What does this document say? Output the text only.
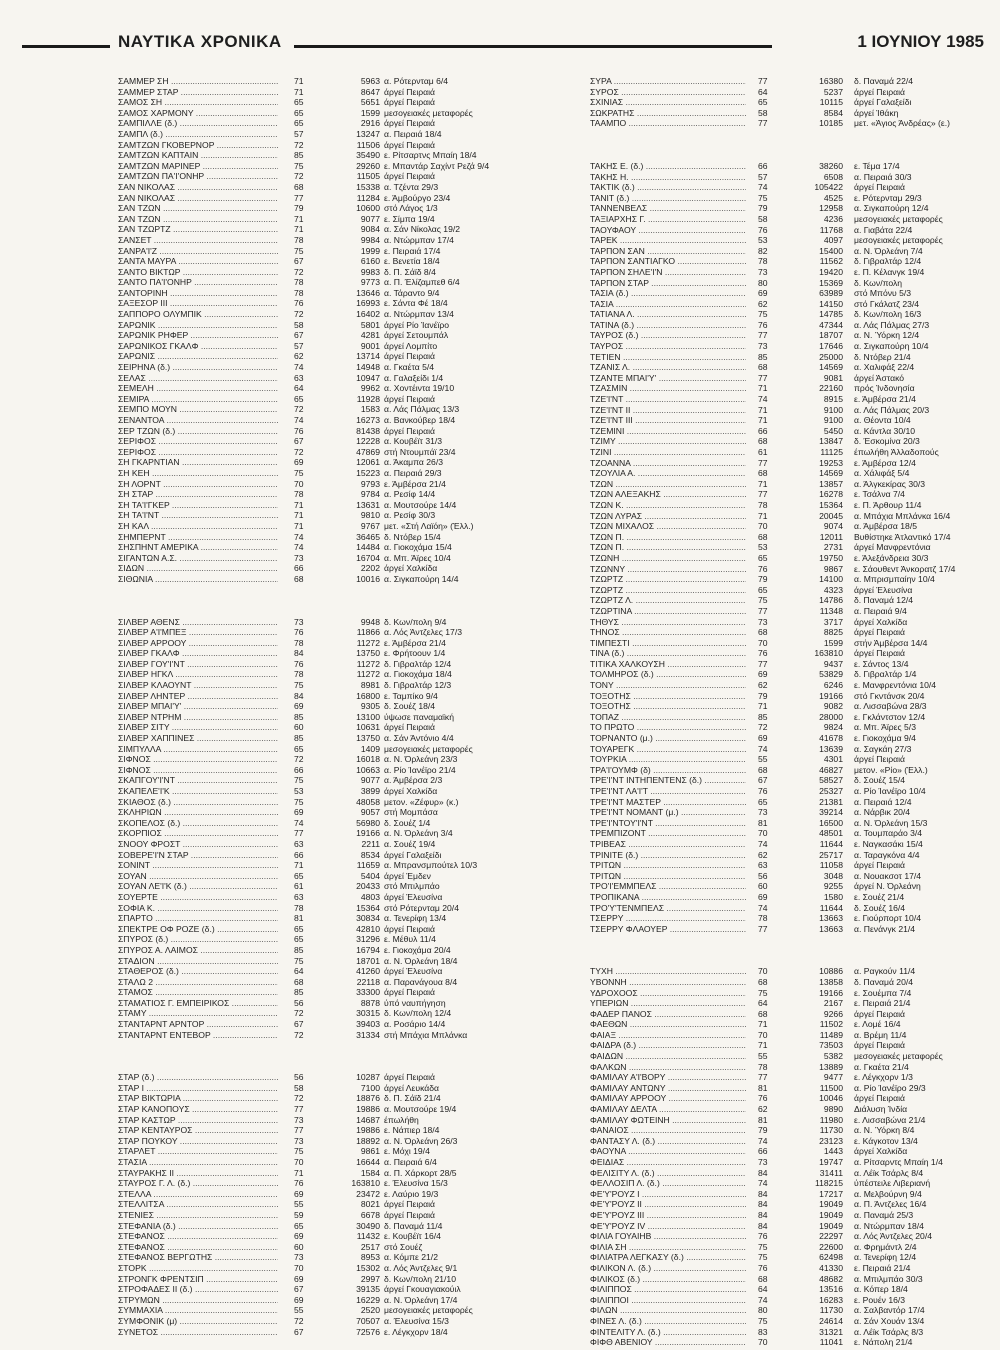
ΝΑΥΤΙΚΑ ΧΡΟΝΙΚΑ	1 ΙΟΥΝΙΟΥ 1985
ΣΑΜΜΕΡ ΣΗ .....	71	5963 α. Ρότερνταμ 6/4
ΣΑΜΜΕΡ ΣΤΑΡ .....	71	8647 άργεί Πειραιά
ΣΑΜΟΣ ΣΗ .....	65	5651 άργεί Πειραιά
ΣΑΜΟΣ ΧΑΡΜΟΝΥ .....	65	1599 μεσογειακές μεταφορές
ΣΑΜΠΙΛΛΕ (δ.) .....	65	2916 άργεί Πειραιά
ΣΑΜΠΛ (δ.) .....	57	13247 α. Πειραιά 18/4
ΣΑΜΤΖΩΝ ΓΚΟΒΕΡΝΟΡ .....	72	11506 άργεί Πειραιά
ΣΑΜΤΖΩΝ ΚΑΠΤΑΙΝ .....	85	35490 ε. Ρίτσαρτνς Μπαίη 18/4
ΣΑΜΤΖΩΝ ΜΑΡΙΝΕΡ .....	75	29260 ε. Μπαντάρ Σαχίντ Ρεζά 9/4
ΣΑΜΤΖΩΝ ΠΑ'Ι'ΟΝΗΡ .....	72	11505 άργεί Πειραιά
ΣΑΝ ΝΙΚΟΛΑΣ .....	68	15338 α. Τζέντα 29/3
ΣΑΝ ΝΙΚΟΛΑΣ .....	77	11284 ε. Άμβούργο 23/4
ΣΑΝ ΤΖΩΝ .....	79	10600 στό Λάγος 1/3
ΣΑΝ ΤΖΩΝ .....	71	9077 ε. Σίμπα 19/4
ΣΑΝ ΤΖΩΡΤΖ .....	71	9084 α. Σάν Νίκολας 19/2
ΣΑΝΣΕΤ .....	78	9984 α. Ντώρμπαν 17/4
ΣΑΝΡΑ'Ι'Ζ .....	75	1999 ε. Πειραιά 17/4
ΣΑΝΤΑ ΜΑΥΡΑ .....	67	6160 ε. Βενετία 18/4
ΣΑΝΤΟ ΒΙΚΤΩΡ .....	72	9983 δ. Π. Σάϊδ 8/4
ΣΑΝΤΟ ΠΑ'Ι'ΟΝΗΡ .....	78	9773 α. Π. Έλίζαμπεθ 6/4
ΣΑΝΤΟΡΙΝΗ .....	78	13646 α. Τάραντο 9/4
ΣΑΞΕΣΟΡ ΙΙΙ .....	76	16993 ε. Σάντα Φέ 18/4
ΣΑΠΠΟΡΟ ΟΛΥΜΠΙΚ .....	72	16402 α. Ντώρμπαν 13/4
ΣΑΡΩΝΙΚ .....	58	5801 άργεί Ρίο Ίανέϊρο
ΣΑΡΩΝΙΚ ΡΗΦΕΡ .....	67	4281 άργεί Σετουμπάλ
ΣΑΡΩΝΙΚΟΣ ΓΚΑΛΦ .....	57	9001 άργεί Λομπίτο
ΣΑΡΩΝΙΣ .....	62	13714 άργεί Πειραιά
ΣΕΙΡΗΝΑ (δ.) .....	74	14948 α. Γκαέτα 5/4
ΣΕΛΑΣ .....	63	10947 α. Γαλαξείδι 1/4
ΣΕΜΕΛΗ .....	64	9962 α. Χοντέιντα 19/10
ΣΕΜΙΡΑ .....	65	11928 άργεί Πειραιά
ΣΕΜΠΟ ΜΟΥΝ .....	72	1583 α. Λάς Πάλμας 13/3
ΣΕΝΑΝΤΟΑ .....	74	16273 α. Βανκούβερ 18/4
ΣΕΡ ΤΖΩΝ (δ.) .....	76	81438 άργεί Πειραιά
ΣΕΡΙΦΟΣ .....	67	12228 α. Κουβέϊτ 31/3
ΣΕΡΙΦΟΣ .....	72	47869 στή Ντουμπάϊ 23/4
ΣΗ ΓΚΑΡΝΤΙΑΝ .....	69	12061 α. Άκαμπα 26/3
ΣΗ ΚΕΗ .....	75	15223 α. Πειραιά 29/3
ΣΗ ΛΟΡΝΤ .....	70	9793 ε. Άμβέρσα 21/4
ΣΗ ΣΤΑΡ .....	78	9784 α. Ρεσίφ 14/4
ΣΗ ΤΑ'Ι'ΓΚΕΡ .....	71	13631 α. Μουτσούρε 14/4
ΣΗ ΤΑ'Ι'ΝΤ .....	71	9810 α. Ρεσίφ 30/3
ΣΗ ΚΑΛ .....	71	9767 μετ. «Στή Λαϊόη» (Έλλ.)
ΣΗΜΠΕΡΝΤ .....	74	36465 δ. Ντόβερ 15/4
ΣΗΣΠΗΝΤ ΑΜΕΡΙΚΑ .....	74	14484 α. Γιοκοχάμα 15/4
ΣΙΓΑΝΤΩΝ Α.Σ. .....	73	16704 α. Μπ. Άϊρες 10/4
ΣΙΔΩΝ .....	66	2202 άργεί Χαλκίδα
ΣΙΘΩΝΙΑ .....	68	10016 α. Σιγκαπούρη 14/4
ΣΙΛΒΕΡ ΑΘΕΝΣ .....	73	9948 δ. Κων/πολη 9/4
ΣΙΛΒΕΡ Α'Ι'ΜΠΕΞ .....	76	11866 α. Λός Άντζελες 17/3
ΣΙΛΒΕΡ ΑΡΡΟΟΥ .....	78	11272 ε. Άμβέρσα 21/4
ΣΙΛΒΕΡ ΓΚΑΛΦ .....	84	13750 ε. Φρήτοουν 1/4
ΣΙΛΒΕΡ ΓΟΥ'Ι'ΝΤ .....	76	11272 δ. Γιβραλτάρ 12/4
ΣΙΛΒΕΡ ΗΓΚΛ .....	78	11272 α. Γιοκοχάμα 18/4
ΣΙΛΒΕΡ ΚΛΑΟΥΝΤ .....	75	8981 δ. Γιβραλτάρ 12/3
ΣΙΛΒΕΡ ΛΗΝΤΕΡ .....	84	16800 ε. Ταμπίκο 9/4
ΣΙΛΒΕΡ ΜΠΑΙ'Υ' .....	69	9305 δ. Σουέζ 18/4
ΣΙΛΒΕΡ ΝΤΡΗΜ .....	85	13100 ύψωσε παναμαϊκή
ΣΙΛΒΕΡ ΣΙΤΥ .....	60	10631 άργεί Πειραιά
ΣΙΛΒΕΡ ΧΑΠΠΙΝΕΣ .....	85	13750 α. Σάν Άντόνιο 4/4
ΣΙΜΠΥΛΛΑ .....	65	1409 μεσογειακές μεταφορές
ΣΙΦΝΟΣ .....	72	16018 α. Ν. Όρλεάνη 23/3
ΣΙΦΝΟΣ .....	66	10663 α. Ρίο Ίανέϊρο 21/4
ΣΚΑΠΓΟΥ'Ι'ΝΤ .....	75	9077 α. Άμβέρσα 2/3
ΣΚΑΠΕΛΕ'Ι'Κ .....	53	3899 άργεί Χαλκίδα
ΣΚΙΑΘΟΣ (δ.) .....	75	48058 μετον. «Ζέφυρ» (κ.)
ΣΚΛΗΡΙΩΝ .....	69	9057 στή Μομπάσα
ΣΚΟΠΕΛΟΣ (δ.) .....	74	56980 δ. Σουέζ 1/4
ΣΚΟΡΠΙΟΣ .....	77	19166 α. Ν. Όρλεάνη 3/4
ΣΝΟΟΥ ΦΡΟΣΤ .....	63	2211 α. Σουέζ 19/4
ΣΟΒΕΡΕ'Ι'Ν ΣΤΑΡ .....	66	8534 άργεί Γαλαξείδι
ΣΟΝΙΝΤ .....	71	11659 α. Μπρανσμπούτελ 10/3
ΣΟΥΑΝ .....	65	5404 άργεί Έμδεν
ΣΟΥΑΝ ΛΕ'Ι'Κ (δ.) .....	61	20433 στό Μπιλμπάο
ΣΟΥΕΡΤΕ .....	63	4803 άργεί Έλευσίνα
ΣΟΦΙΑ Κ. .....	78	15364 στό Ρότερνταμ 20/4
ΣΠΑΡΤΟ .....	81	30834 α. Τενερίφη 13/4
ΣΠΕΚΤΡΕ ΟΦ ΡΟΖΕ (δ.) .....	65	42810 άργεί Πειραιά
ΣΠΥΡΟΣ (δ.) .....	65	31296 ε. Μέθυλ 11/4
ΣΠΥΡΟΣ Α. ΛΑΙΜΟΣ .....	85	16794 ε. Γιοκοχάμα 20/4
ΣΤΑΔΙΟΝ .....	75	18701 α. Ν. Όρλεάνη 18/4
ΣΤΑΘΕΡΟΣ (δ.) .....	64	41260 άργεί Έλευσίνα
ΣΤΑΛΩ 2 .....	68	22118 α. Παρανάγουα 8/4
ΣΤΑΜΟΣ .....	85	33300 άργεί Πειραιά
ΣΤΑΜΑΤΙΟΣ Γ. ΕΜΠΕΙΡΙΚΟΣ .....	56	8878 ύπό ναυπήγηση
ΣΤΑΜΥ .....	72	30315 δ. Κων/πολη 12/4
ΣΤΑΝΤΑΡΝΤ ΑΡΝΤΟΡ .....	67	39403 α. Ροσάριο 14/4
ΣΤΑΝΤΑΡΝΤ ΕΝΤΕΒΟΡ .....	72	31334 στή Μπάχια Μπλάνκα
ΣΤΑΡ (δ.) .....	56	10287 άργεί Πειραιά
ΣΤΑΡ Ι .....	58	7100 άργεί Λευκάδα
ΣΤΑΡ ΒΙΚΤΩΡΙΑ .....	72	18876 δ. Π. Σάϊδ 21/4
ΣΤΑΡ ΚΑΝΟΠΟΥΣ .....	77	19886 α. Μουτσούρε 19/4
ΣΤΑΡ ΚΑΣΤΩΡ .....	73	14687 έπωλήθη
ΣΤΑΡ ΚΕΝΤΑΥΡΟΣ .....	77	19886 ε. Νάπιερ 18/4
ΣΤΑΡ ΠΟΥΚΟΥ .....	73	18892 α. Ν. Όρλεάνη 26/3
ΣΤΑΡΛΕΤ .....	75	9861 ε. Μόχι 19/4
ΣΤΑΣΙΑ .....	70	16644 α. Πειραιά 6/4
ΣΤΑΥΡΑΚΗΣ ΙΙ .....	71	1584 α. Π. Χάρκορτ 28/5
ΣΤΑΥΡΟΣ Γ. Λ. (δ.) .....	76	163810 ε. Έλευσίνα 15/3
ΣΤΕΛΛΑ .....	69	23472 ε. Λαύριο 19/3
ΣΤΕΛΛΙΤΣΑ .....	55	8021 άργεί Πειραιά
ΣΤΕΝΙΕΣ .....	59	6678 άργεί Πειραιά
ΣΤΕΦΑΝΙΑ (δ.) .....	65	30490 δ. Παναμά 11/4
ΣΤΕΦΑΝΟΣ .....	69	11432 ε. Κουβέϊτ 16/4
ΣΤΕΦΑΝΟΣ .....	60	2517 στό Σουέζ
ΣΤΕΦΑΝΟΣ ΒΕΡΓΩΤΗΣ .....	73	8953 α. Κόμπε 21/2
ΣΤΟΡΚ .....	70	15302 α. Λός Άντζελες 9/1
ΣΤΡΟΝΓΚ ΦΡΕΝΤΣΙΠ .....	69	2997 δ. Κων/πολη 21/10
ΣΤΡΟΦΑΔΕΣ ΙΙ (δ.) .....	67	39135 άργεί Γκουαγιακούιλ
ΣΤΡΥΜΩΝ .....	69	16229 α. Ν. Όρλεάνη 17/4
ΣΥΜΜΑΧΙΑ .....	55	2520 μεσογειακές μεταφορές
ΣΥΜΦΟΝΙΚ (μ) .....	72	70507 α. Έλευσίνα 15/3
ΣΥΝΕΤΟΣ .....	67	72576 ε. Λέγκχορν 18/4
ΣΥΡΑ .....	77	16380 δ. Παναμά 22/4
ΣΥΡΟΣ .....	64	5237 άργεί Πειραιά
ΣΧΙΝΙΑΣ .....	65	10115 άργεί Γαλαξείδι
ΣΩΚΡΑΤΗΣ .....	58	8584 άργεί Ίθάκη
ΤΑΑΜΠΟ .....	77	10185 μετ. «Άγιος Άνδρέας» (ε.)
ΤΑΚΗΣ Ε. (δ.) .....	66	38260 ε. Τέμα 17/4
ΤΑΚΗΣ Η. .....	57	6508 α. Πειραιά 30/3
ΤΑΚΤΙΚ (δ.) .....	74	105422 άργεί Πειραιά
ΤΑΝΙΤ (δ.) .....	75	4525 ε. Ρότερνταμ 29/3
ΤΑΝΝΕΝΒΕΛΣ .....	79	12958 α. Σιγκαπούρη 12/4
ΤΑΞΙΑΡΧΗΣ Γ. .....	58	4236 μεσογειακές μεταφορές
ΤΑΟΥΦΑΟΥ .....	76	11768 α. Γιαβάτα 22/4
ΤΑΡΕΚ .....	53	4097 μεσογειακές μεταφορές
ΤΑΡΠΟΝ ΣΑΝ .....	82	15400 α. Ν. Όρλεάνη 7/4
ΤΑΡΠΟΝ ΣΑΝΤΙΑΓΚΟ .....	78	11562 δ. Γιβραλτάρ 12/4
ΤΑΡΠΟΝ ΣΗΛΕ'Ι'Ν .....	73	19420 ε. Π. Κέλανγκ 19/4
ΤΑΡΠΟΝ ΣΤΑΡ .....	80	15369 δ. Κων/πολη
ΤΑΣΙΑ (δ.) .....	69	63989 στό Μπόνυ 5/3
ΤΑΣΙΑ .....	62	14150 στό Γκάλατζ 23/4
ΤΑΤΙΑΝΑ Λ. .....	75	14785 δ. Κων/πολη 16/3
ΤΑΤΙΝΑ (δ.) .....	76	47344 α. Λάς Πάλμας 27/3
ΤΑΥΡΟΣ (δ.) .....	77	18707 α. Ν. Ύόρκη 12/4
ΤΑΥΡΟΣ .....	73	17646 α. Σιγκαπούρη 10/4
ΤΕΤΙΕΝ .....	85	25000 δ. Ντόβερ 21/4
ΤΖΑΝΙΣ Λ. .....	68	14569 α. Χαλιφάξ 22/4
ΤΖΑΝΤΕ ΜΠΑΙ'Υ' .....	77	9081 άργεί Άστακό
ΤΖΑΣΜΙΝ .....	71	22160 πρός Ίνδονησία
ΤΖΕ'Ι'ΝΤ .....	74	8915 ε. Άμβέρσα 21/4
ΤΖΕ'Ι'ΝΤ ΙΙ .....	71	9100 α. Λάς Πάλμας 20/3
ΤΖΕ'Ι'ΝΤ ΙΙΙ .....	71	9100 α. Θέοντα 10/4
ΤΖΕΜΙΝΙ .....	66	5450 α. Κάντλα 30/10
ΤΖΙΜΥ .....	68	13847 δ. Έσκομίνα 20/3
ΤΖΙΝΙ .....	61	11125 έπωλήθη Άλλαδοπούς
ΤΖΟΑΝΝΑ .....	77	19253 ε. Άμβέρσα 12/4
ΤΖΟΥΛΙΑ Α. .....	68	14569 α. Χάλιφάξ 5/4
ΤΖΩΝ .....	71	13857 α. Άλγκεκίρας 30/3
ΤΖΩΝ ΑΛΕΞΑΚΗΣ .....	77	16278 ε. Τσάλνα 7/4
ΤΖΩΝ Κ. .....	78	15364 ε. Π. Άρθουρ 11/4
ΤΖΩΝ ΛΥΡΑΣ .....	71	20045 α. Μπάχια Μπλάνκα 16/4
ΤΖΩΝ ΜΙΧΑΛΟΣ .....	70	9074 α. Άμβέρσα 18/5
ΤΖΩΝ Π. .....	68	12011 Βυθίστηκε Άτλαντικό 17/4
ΤΖΩΝ Π. .....	53	2731 άργεί Μανφρεντόνια
ΤΖΩΝΗ .....	65	19750 ε. Άλεξάνδρεια 30/3
ΤΖΩΝΝΥ .....	76	9867 ε. Σάουθεντ Άνκορατζ 17/4
ΤΖΩΡΤΖ .....	79	14100 α. Μπρισμπαίην 10/4
ΤΖΩΡΤΖ .....	65	4323 άργεί Έλευσίνα
ΤΖΩΡΤΖ Λ. .....	75	14786 δ. Παναμά 12/4
ΤΖΩΡΤΙΝΑ .....	77	11348 α. Πειραιά 9/4
ΤΗΘΥΣ .....	73	3717 άργεί Χαλκίδα
ΤΗΝΟΣ .....	68	8825 άργεί Πειραιά
ΤΙΜΠΕΣΤΙ .....	70	1599 στήν Άμβέρσα 14/4
ΤΙΝΑ (δ.) .....	76	163810 άργεί Πειραιά
ΤΙΤΙΚΑ ΧΑΛΚΟΥΣΗ .....	77	9437 ε. Σάντος 13/4
ΤΟΛΜΗΡΟΣ (δ.) .....	69	53829 δ. Γιβραλτάρ 1/4
ΤΟΝΥ .....	62	6246 ε. Μανφρεντόνια 10/4
ΤΟΞΟΤΗΣ .....	79	19166 στό Γκντάνσκ 20/4
ΤΟΞΟΤΗΣ .....	71	9082 α. Λισσαβώνα 28/3
ΤΟΠΑΖ .....	85	28000 ε. Γκλάντστον 12/4
ΤΟ ΠΡΩΤΟ .....	72	9824 α. Μπ. Άϊρες 5/3
ΤΟΡΝΑΝΤΟ (μ.) .....	69	41678 ε. Γιοκοχάμα 9/4
ΤΟΥΑΡΕΓΚ .....	74	13639 α. Σαγκάη 27/3
ΤΟΥΡΚΙΑ .....	55	4301 άργεί Πειραιά
ΤΡΑ'Ι'ΟΥΜΦ (δ) .....	68	46827 μετον. «Ρίο» (Έλλ.)
ΤΡΕ'Ι'ΝΤ ΙΝΤΗΠΕΝΤΕΝΣ (δ.) .....	67	58527 δ. Σουέζ 15/4
ΤΡΕ'Ι'ΝΤ ΛΑ'Ι'Τ .....	76	25327 α. Ρίο Ίανέϊρο 10/4
ΤΡΕ'Ι'ΝΤ ΜΑΣΤΕΡ .....	65	21381 α. Πειραιά 12/4
ΤΡΕ'Ι'ΝΤ ΝΟΜΑΝΤ (μ.) .....	73	39214 α. Νάρβικ 20/4
ΤΡΕ'Ι'ΝΤΟΥ'Ι'ΝΤ .....	81	16500 α. Ν. Όρλεάνη 15/3
ΤΡΕΜΠΙΖΟΝΤ .....	70	48501 α. Τουμπαράο 3/4
ΤΡΙΒΕΑΣ .....	74	11644 ε. Ναγκασάκι 15/4
ΤΡΙΝΙΤΕ (δ.) .....	62	25717 α. Ταραγκόνα 4/4
ΤΡΙΤΩΝ .....	63	11058 άργεί Πειραιά
ΤΡΙΤΩΝ .....	56	3048 α. Νουακσοτ 17/4
ΤΡΟ'Ι'ΕΜΜΠΕΛΣ .....	60	9255 άργεί Ν. Όρλεάνη
ΤΡΟΠΙΚΑΝΑ .....	69	1580 ε. Σουέζ 21/4
ΤΡΟ'Υ'ΤΕΝΜΠΕΛΣ .....	74	11644 δ. Σουέζ 16/4
ΤΣΕΡΡΥ .....	78	13663 ε. Γιούρπορτ 10/4
ΤΣΕΡΡΥ ΦΛΑΟΥΕΡ .....	77	13663 α. Πενάνγκ 21/4
ΤΥΧΗ .....	70	10886 α. Ραγκούν 11/4
ΥΒΟΝΝΗ .....	68	13858 δ. Παναμά 20/4
ΥΔΡΟΧΟΟΣ .....	75	19166 ε. Σουέμπα 7/4
ΥΠΕΡΙΩΝ .....	64	2167 ε. Πειραιά 21/4
ΦΑΔΕΡ ΠΑΝΟΣ .....	68	9266 άργεί Πειραιά
ΦΑΕΘΩΝ .....	71	11502 ε. Λομέ 16/4
ΦΑΙΑΞ .....	70	11489 α. Βρέμη 11/4
ΦΑΙΔΡΑ (δ.) .....	71	73503 άργεί Πειραιά
ΦΑΙΔΩΝ .....	55	5382 μεσογειακές μεταφορές
ΦΑΛΚΩΝ .....	78	13889 α. Γκαέτα 21/4
ΦΑΜΙΛΑΥ Α'Ι'ΒΟΡΥ .....	77	9477 ε. Λέγκχορν 1/3
ΦΑΜΙΛΑΥ ΑΝΤΩΝΥ .....	81	11500 α. Ρίο Ίανέϊρο 29/3
ΦΑΜΙΛΑΥ ΑΡΡΟΟΥ .....	76	10046 άργεί Πειραιά
ΦΑΜΙΛΑΥ ΔΕΛΤΑ .....	62	9890 Διάλυση Ίνδία
ΦΑΜΙΛΑΥ ΦΩΤΕΙΝΗ .....	81	11980 ε. Λισσαβώνα 21/4
ΦΑΝΑΙΟΣ .....	79	11730 α. Ν. Ύόρκη 8/4
ΦΑΝΤΑΣΥ Λ. (δ.) .....	74	23123 ε. Κάγκοτον 13/4
ΦΑΟΥΝΑ .....	66	1443 άργεί Χαλκίδα
ΦΕΙΔΙΑΣ .....	73	19747 α. Ρίτσαρντς Μπαίη 1/4
ΦΕΛΙΣΙΤΥ Λ. (δ.) .....	84	31411 α. Λέϊκ Τσάρλς 8/4
ΦΕΛΛΟΣΙΠ Λ. (δ.) .....	74	118215 ύπέστειλε Λιβεριανή
ΦΕ'Υ'ΡΟΥΖ Ι .....	84	17217 α. Μελβούρνη 9/4
ΦΕ'Υ'ΡΟΥΖ ΙΙ .....	84	19049 α. Π. Άντζελες 16/4
ΦΕ'Υ'ΡΟΥΖ ΙΙΙ .....	84	19049 α. Παναμά 25/3
ΦΕ'Υ'ΡΟΥΖ ΙV .....	84	19049 α. Ντώρμπαν 18/4
ΦΙΛΙΑ ΓΟΥΑΙΗΒ .....	76	22297 α. Λός Άντζελες 20/4
ΦΙΛΙΑ ΣΗ .....	75	22600 α. Φρημάντλ 2/4
ΦΙΛΙΑΤΡΑ ΛΕΓΚΑΣΥ (δ.) .....	75	62498 α. Τενερίφη 12/4
ΦΙΛΙΚΟΝ Λ. (δ.) .....	76	41330 ε. Πειραιά 21/4
ΦΙΛΙΚΟΣ (δ.) .....	68	48682 α. Μπιλμπάο 30/3
ΦΙΛΙΠΠΟΣ .....	64	13516 α. Κόπερ 18/4
ΦΙΛΙΠΠΟΙ .....	74	16283 ε. Ρουέν 16/3
ΦΙΛΩΝ .....	80	11730 α. Σαλβαντόρ 17/4
ΦΙΝΕΣ Λ. (δ.) .....	75	24614 α. Σάν Χουάν 13/4
ΦΙΝΤΕΛΙΤΥ Λ. (δ.) .....	83	31321 α. Λέϊκ Τσάρλς 8/3
ΦΙΦΘ ΑΒΕΝΙΟΥ .....	70	11041 ε. Νάπολη 21/4
